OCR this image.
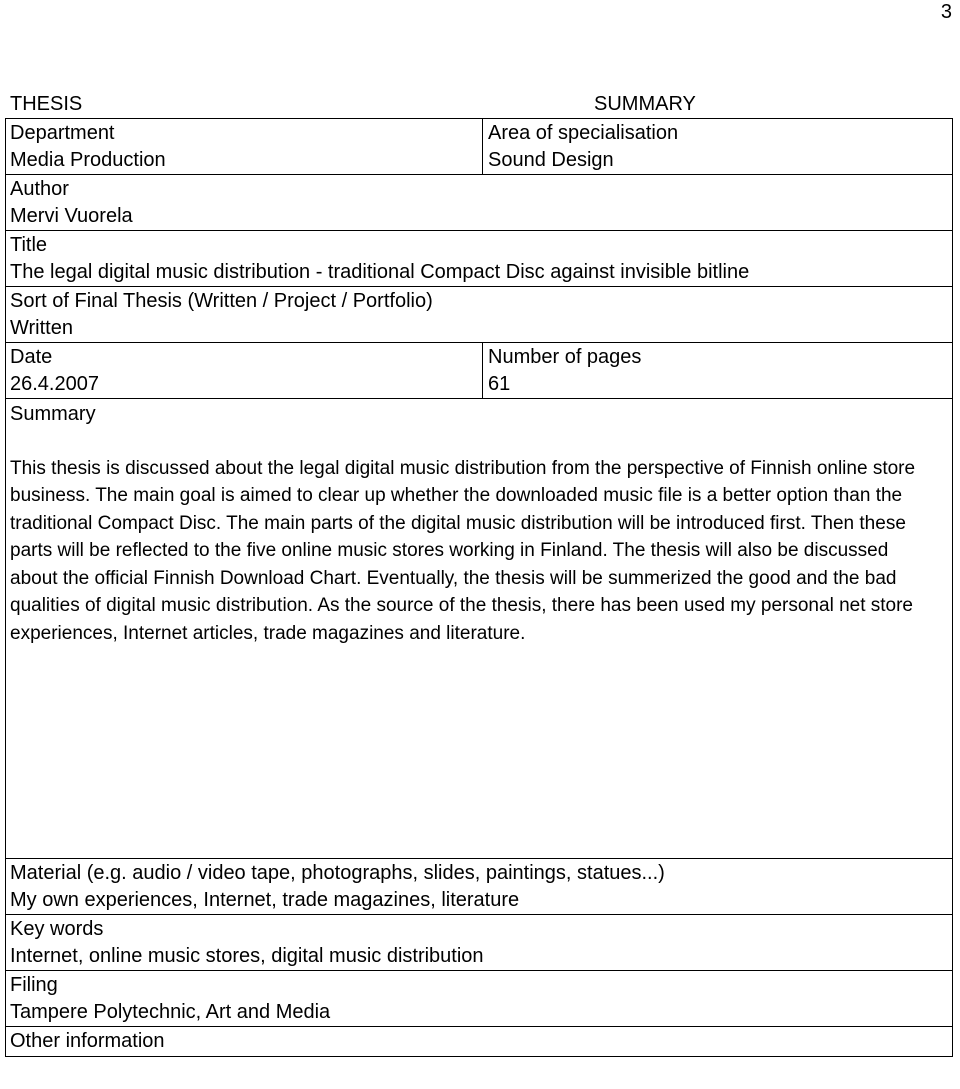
3
THESIS	SUMMARY
Department
Media Production
Area of specialisation
Sound Design
Author
Mervi Vuorela
Title
The legal digital music distribution - traditional Compact Disc against invisible bitline
Sort of Final Thesis (Written / Project / Portfolio)
Written
Date
26.4.2007
Number of pages
61
Summary
This thesis is discussed about the legal digital music distribution from the perspective of Finnish online store business. The main goal is aimed to clear up whether the downloaded music file is a better option than the traditional Compact Disc. The main parts of the digital music distribution will be introduced first. Then these parts will be reflected to the five online music stores working in Finland. The thesis will also be discussed about the official Finnish Download Chart. Eventually, the thesis will be summerized the good and the bad qualities of digital music distribution. As the source of the thesis, there has been used my personal net store experiences, Internet articles, trade magazines and literature.
Material (e.g. audio / video tape, photographs, slides, paintings, statues...)
My own experiences, Internet, trade magazines, literature
Key words
Internet, online music stores, digital music distribution
Filing
Tampere Polytechnic, Art and Media
Other information
